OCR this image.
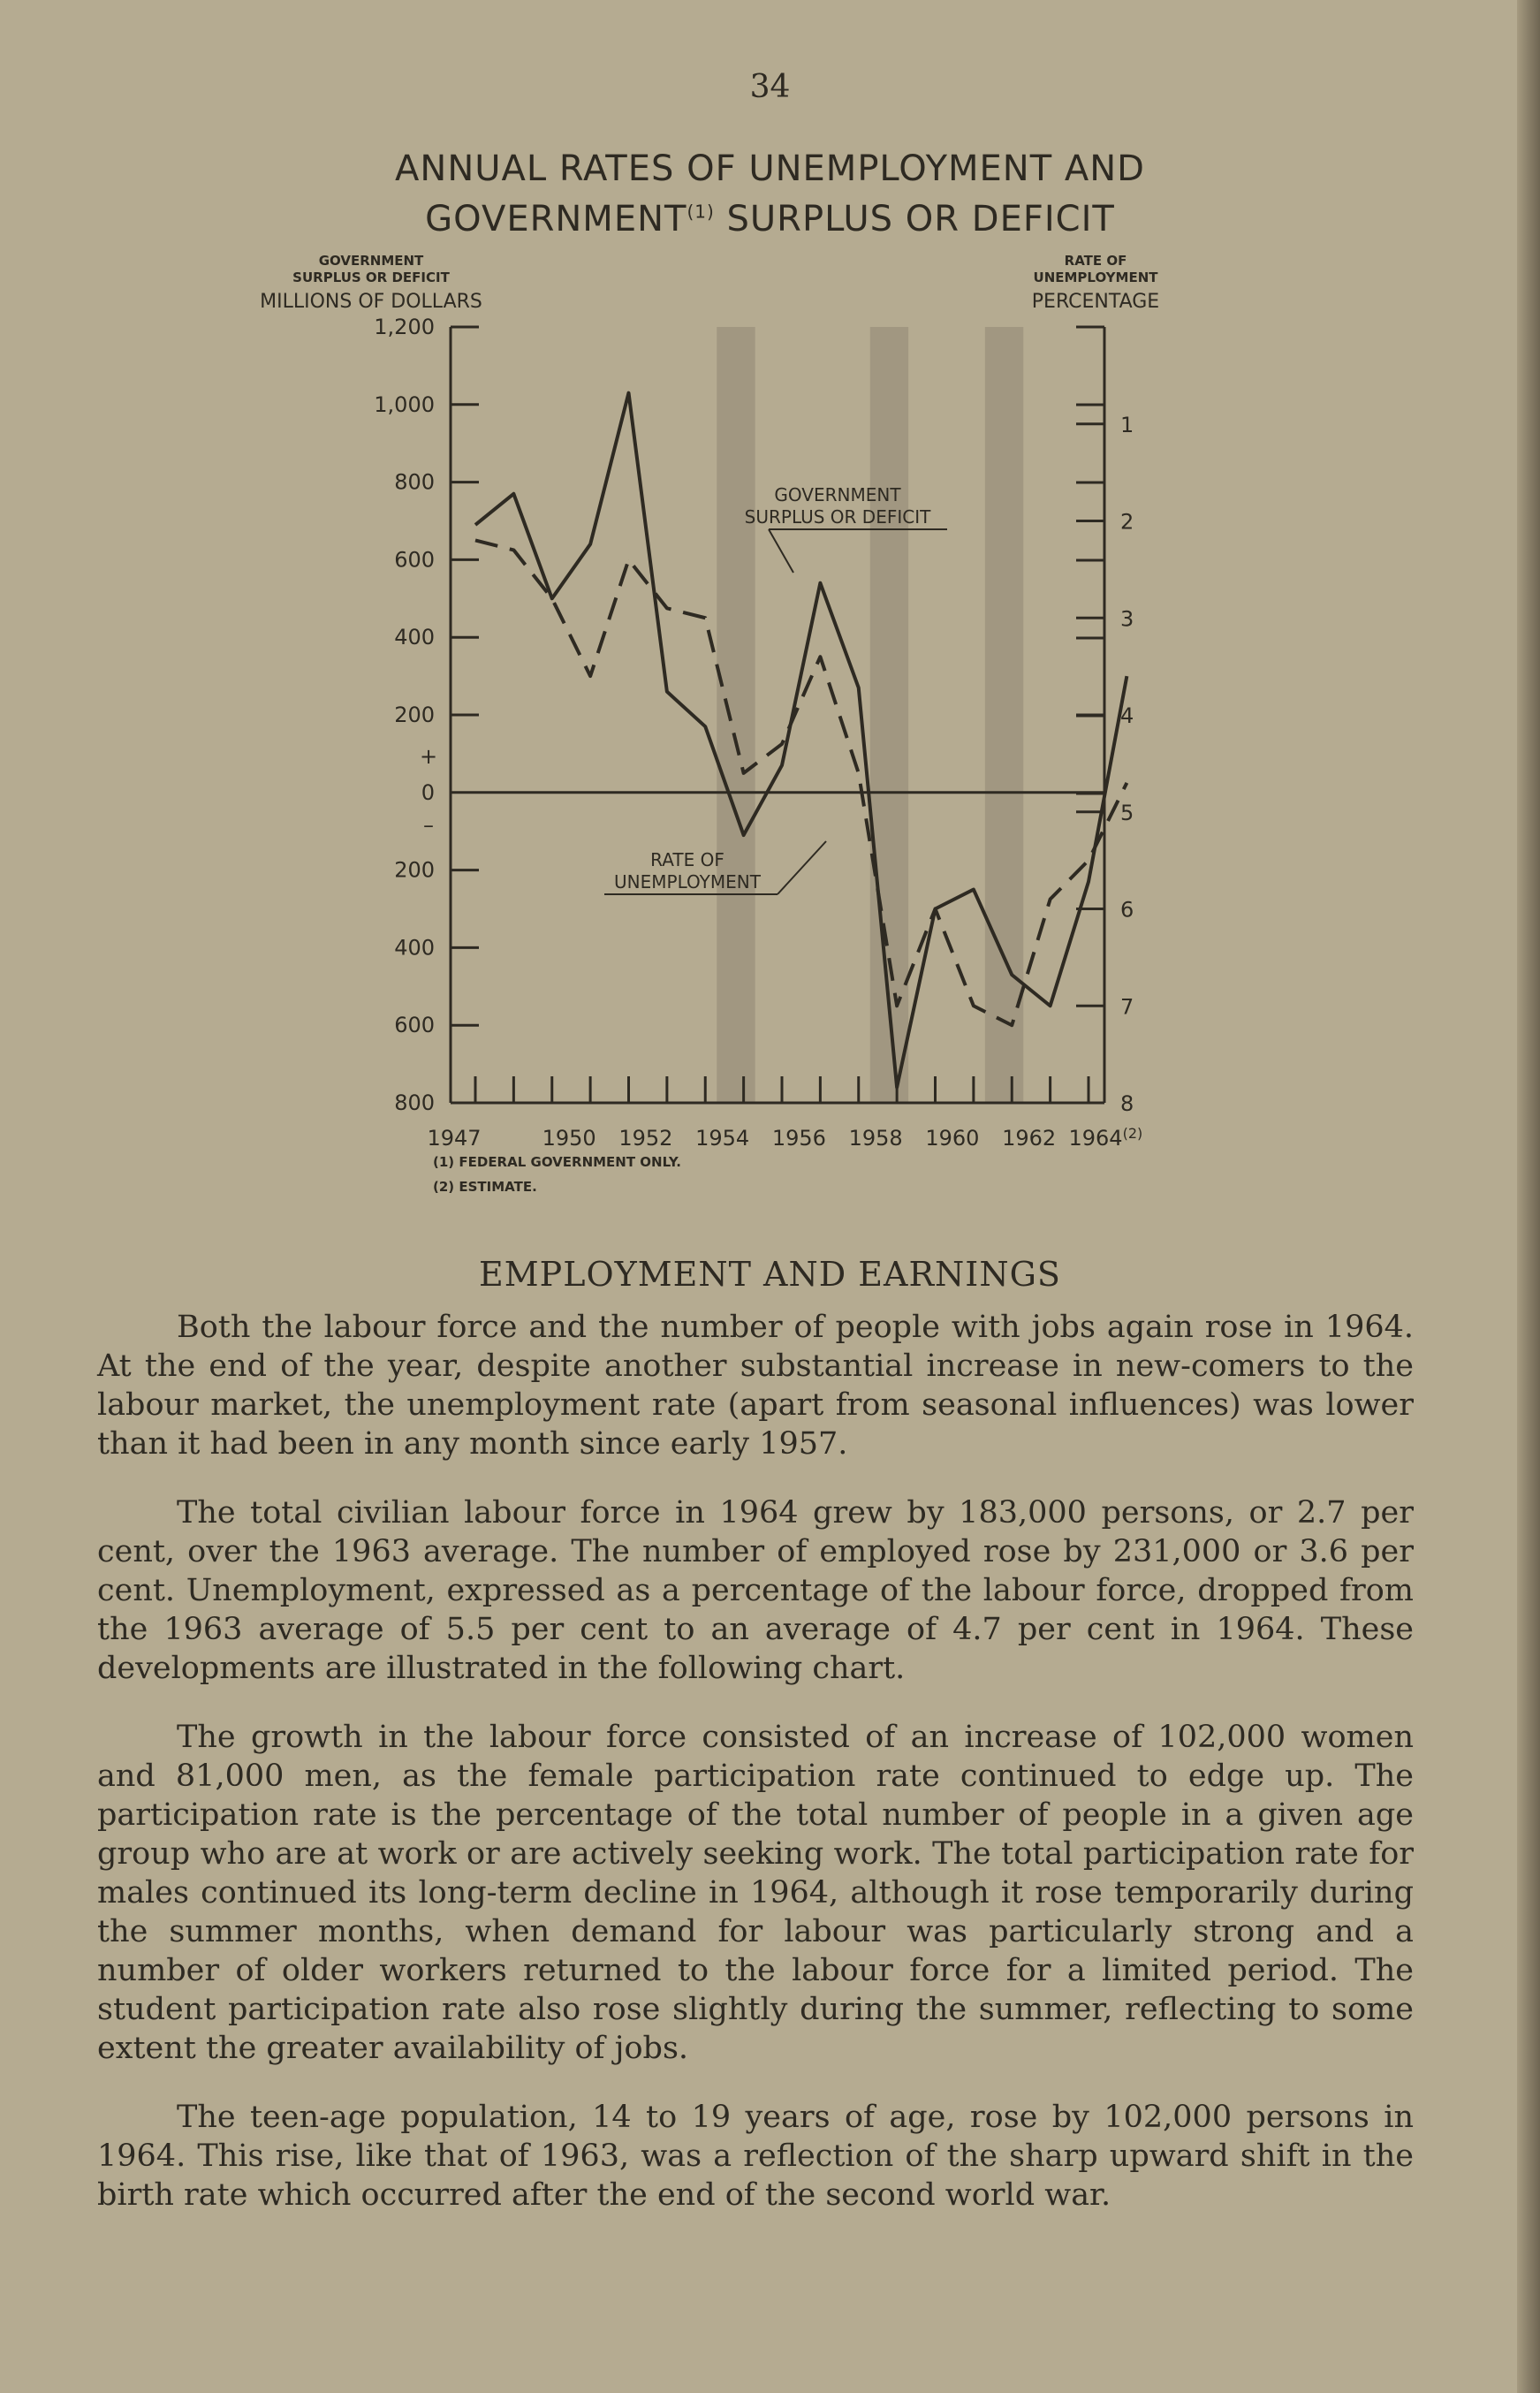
34
ANNUAL RATES OF UNEMPLOYMENT AND
GOVERNMENT$^{(1)}$ SURPLUS OR DEFICIT
GOVERNMENT
SURPLUS OR DEFICIT
MILLIONS OF DOLLARS
RATE OF
UNEMPLOYMENT
PERCENTAGE
1,200
1,000
800
600
400
200
0
200
400
600
800
1
2
3
4
5
6
7
8
1947	1950 1952 1954 1956 1958 1960 1962 $1964^{(2)}$
+
–
GOVERNMENT
SURPLUS OR DEFICIT
RATE OF
UNEMPLOYMENT
(1) FEDERAL GOVERNMENT ONLY.
(2) ESTIMATE.
EMPLOYMENT AND EARNINGS

Both the labour force and the number of people with jobs again rose in 1964. At the end of the year, despite another substantial increase in new-comers to the labour market, the unemployment rate (apart from seasonal influences) was lower than it had been in any month since early 1957.

The total civilian labour force in 1964 grew by 183,000 persons, or 2.7 per cent, over the 1963 average. The number of employed rose by 231,000 or 3.6 per cent. Unemployment, expressed as a percentage of the labour force, dropped from the 1963 average of 5.5 per cent to an average of 4.7 per cent in 1964. These developments are illustrated in the following chart.

The growth in the labour force consisted of an increase of 102,000 women and 81,000 men, as the female participation rate continued to edge up. The participation rate is the percentage of the total number of people in a given age group who are at work or are actively seeking work. The total participation rate for males continued its long-term decline in 1964, although it rose temporarily during the summer months, when demand for labour was particularly strong and a number of older workers returned to the labour force for a limited period. The student participation rate also rose slightly during the summer, reflecting to some extent the greater availability of jobs.

The teen-age population, 14 to 19 years of age, rose by 102,000 persons in 1964. This rise, like that of 1963, was a reflection of the sharp upward shift in the birth rate which occurred after the end of the second world war.
